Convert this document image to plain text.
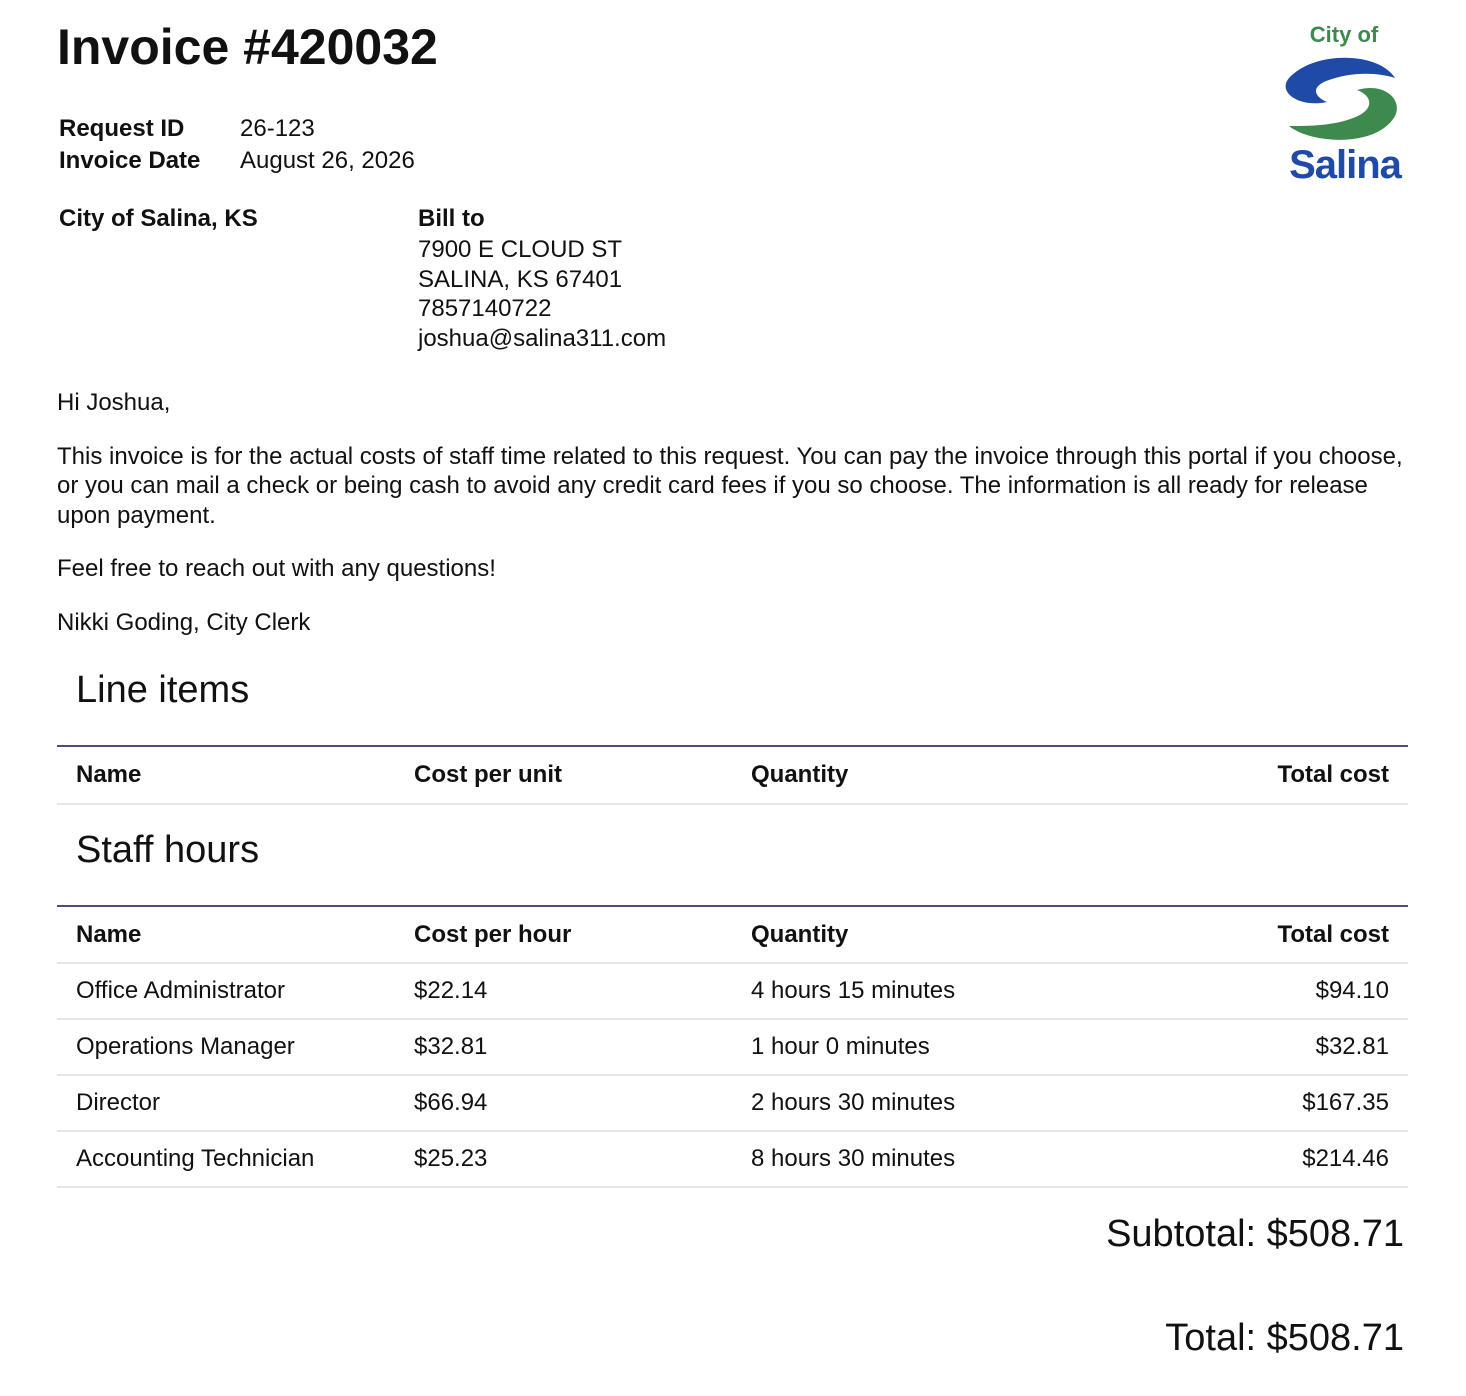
Invoice #420032	City of
Salina
Request ID	26-123
Invoice Date	August 26, 2026
City of Salina, KS	Bill to
7900 E CLOUD ST
SALINA, KS 67401
7857140722
joshua@salina311.com

Hi Joshua,

This invoice is for the actual costs of staff time related to this request. You can pay the invoice through this portal if you choose, or you can mail a check or being cash to avoid any credit card fees if you so choose. The information is all ready for release upon payment.

Feel free to reach out with any questions!

Nikki Goding, City Clerk

Line items
Name	Cost per unit	Quantity	Total cost
Staff hours
Name	Cost per hour	Quantity	Total cost
Office Administrator	$22.14	4 hours 15 minutes	$94.10
Operations Manager	$32.81	1 hour 0 minutes	$32.81
Director	$66.94	2 hours 30 minutes	$167.35
Accounting Technician	$25.23	8 hours 30 minutes	$214.46
Subtotal: $508.71
Total: $508.71
